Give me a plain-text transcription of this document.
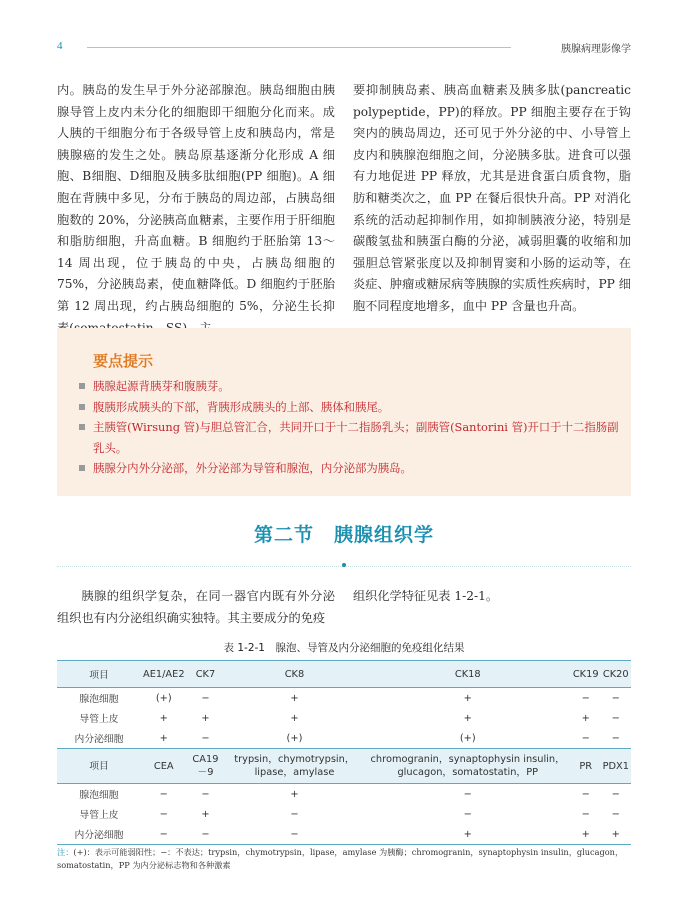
4	胰腺病理影像学
内。胰岛的发生早于外分泌部腺泡。胰岛细胞由胰腺导管上皮内未分化的细胞即干细胞分化而来。成人胰的干细胞分布于各级导管上皮和胰岛内，常是胰腺癌的发生之处。胰岛原基逐渐分化形成 A 细胞、B细胞、D细胞及胰多肽细胞(PP 细胞)。A 细胞在背胰中多见，分布于胰岛的周边部，占胰岛细胞数的 20%，分泌胰高血糖素，主要作用于肝细胞和脂肪细胞，升高血糖。B 细胞约于胚胎第 13～14 周出现，位于胰岛的中央，占胰岛细胞的 75%，分泌胰岛素，使血糖降低。D 细胞约于胚胎第 12 周出现，约占胰岛细胞的 5%，分泌生长抑
要抑制胰岛素、胰高血糖素及胰多肽(pancreatic polypeptide，PP)的释放。PP 细胞主要存在于钩突内的胰岛周边，还可见于外分泌的中、小导管上皮内和胰腺泡细胞之间，分泌胰多肽。进食可以强有力地促进 PP 释放，尤其是进食蛋白质食物，脂肪和糖类次之，血 PP 在餐后很快升高。PP 对消化系统的活动起抑制作用，如抑制胰液分泌，特别是碳酸氢盐和胰蛋白酶的分泌，减弱胆囊的收缩和加强胆总管紧张度以及抑制胃窦和小肠的运动等，在炎症、肿瘤或糖尿病等胰腺的实质性疾病时，PP 细胞不同程度地增多，血中 PP 含量也升高。
要点提示
胰腺起源背胰芽和腹胰芽。
腹胰形成胰头的下部，背胰形成胰头的上部、胰体和胰尾。
主胰管(Wirsung 管)与胆总管汇合，共同开口于十二指肠乳头；副胰管(Santorini 管)开口于十二指肠副乳头。
胰腺分内外分泌部，外分泌部为导管和腺泡，内分泌部为胰岛。
第二节　胰腺组织学
胰腺的组织学复杂，在同一器官内既有外分泌组织也有内分泌组织确实独特。其主要成分的免疫
组织化学特征见表 1-2-1。
表 1-2-1　腺泡、导管及内分泌细胞的免疫组化结果
项目	AE1/AE2	CK7	CK8	CK18	CK19	CK20
腺泡细胞	(+)	−	+	+	−	−
导管上皮	+	+	+	+	+	−
内分泌细胞	+	−	(+)	(+)	−	−
项目	CEA	CA19－9	trypsin，chymotrypsin，lipase，amylase	chromogranin，synaptophysin insulin，glucagon，somatostatin，PP	PR	PDX1
腺泡细胞	−	−	+	−	−	−
导管上皮	−	+	−	−	−	−
内分泌细胞	−	−	−	+	+	+
注：(+)：表示可能弱阳性；−：不表达；trypsin，chymotrypsin，lipase，amylase 为胰酶；chromogranin，synaptophysin insulin，glucagon，somatostatin，PP 为内分泌标志物和各种激素
